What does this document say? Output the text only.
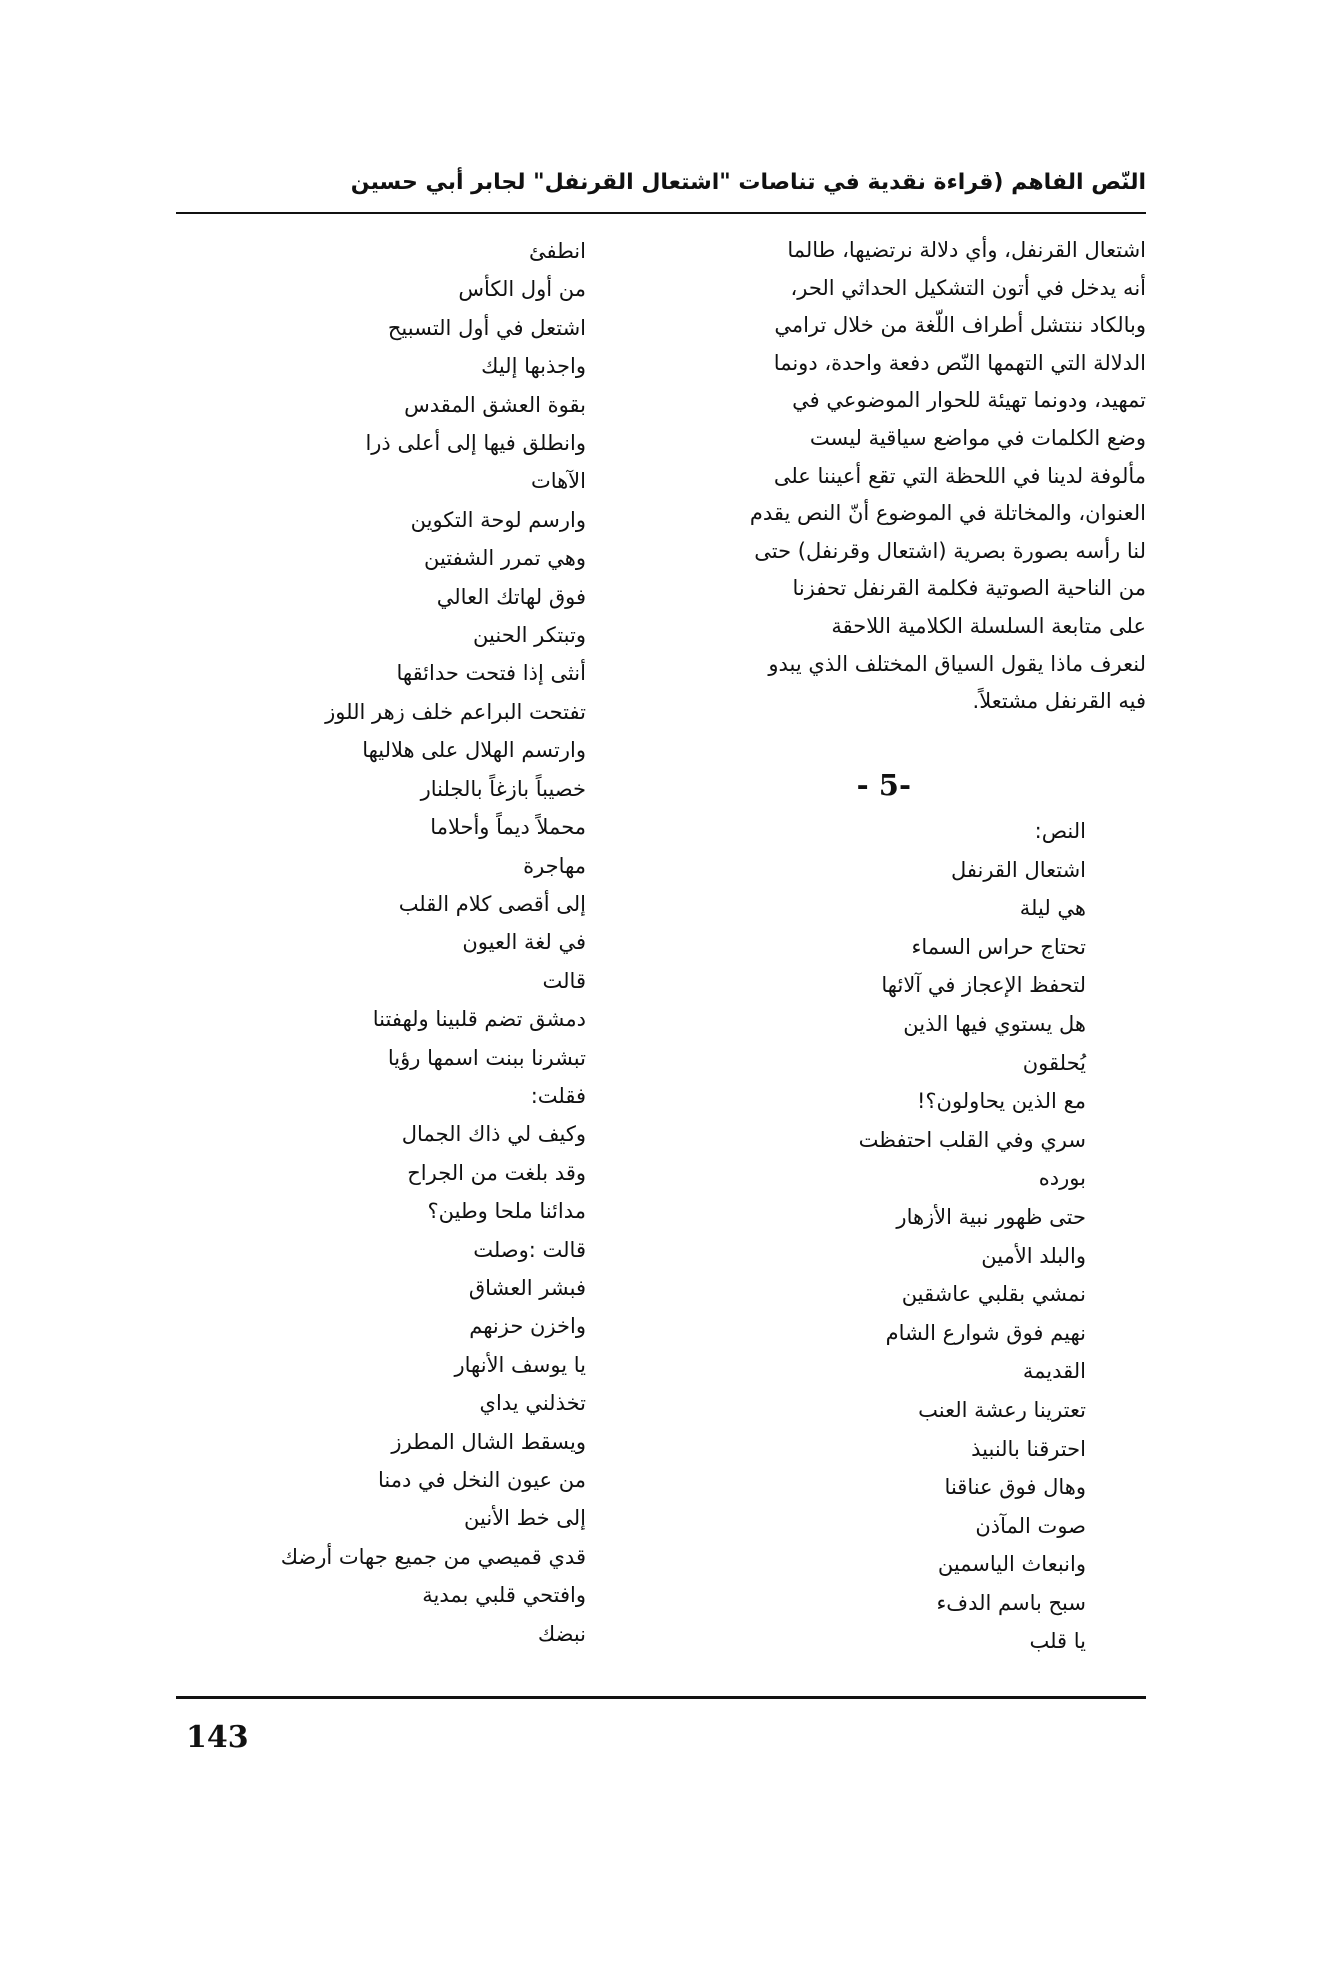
النّص الفاهم (قراءة نقدية في تناصات "اشتعال القرنفل" لجابر أبي حسين
اشتعال القرنفل، وأي دلالة نرتضيها، طالما
أنه يدخل في أتون التشكيل الحداثي الحر،
وبالكاد ننتشل أطراف اللّغة من خلال ترامي
الدلالة التي التهمها النّص دفعة واحدة، دونما
تمهيد، ودونما تهيئة للحوار الموضوعي في
وضع الكلمات في مواضع سياقية ليست
مألوفة لدينا في اللحظة التي تقع أعيننا على
العنوان، والمخاتلة في الموضوع أنّ النص يقدم
لنا رأسه بصورة بصرية (اشتعال وقرنفل) حتى
من الناحية الصوتية فكلمة القرنفل تحفزنا
على متابعة السلسلة الكلامية اللاحقة
لنعرف ماذا يقول السياق المختلف الذي يبدو
فيه القرنفل مشتعلاً.
- 5-
النص:
اشتعال القرنفل
هي ليلة
تحتاج حراس السماء
لتحفظ الإعجاز في آلائها
هل يستوي فيها الذين
يُحلقون
مع الذين يحاولون؟!
سري وفي القلب احتفظت
بورده
حتى ظهور نبية الأزهار
والبلد الأمين
نمشي بقلبي عاشقين
نهيم فوق شوارع الشام
القديمة
تعترينا رعشة العنب
احترقنا بالنبيذ
وهال فوق عناقنا
صوت المآذن
وانبعاث الياسمين
سبح باسم الدفء
يا قلب
انطفئ
من أول الكأس
اشتعل في أول التسبيح
واجذبها إليك
بقوة العشق المقدس
وانطلق فيها إلى أعلى ذرا
الآهات
وارسم لوحة التكوين
وهي تمرر الشفتين
فوق لهاتك العالي
وتبتكر الحنين
أنثى إذا فتحت حدائقها
تفتحت البراعم خلف زهر اللوز
وارتسم الهلال على هلاليها
خصيباً بازغاً بالجلنار
محملاً ديماً وأحلاما
مهاجرة
إلى أقصى كلام القلب
في لغة العيون
قالت
دمشق تضم قلبينا ولهفتنا
تبشرنا ببنت اسمها رؤيا
فقلت:
وكيف لي ذاك الجمال
وقد بلغت من الجراح
مدائنا ملحا وطين؟
قالت :وصلت
فبشر العشاق
واخزن حزنهم
يا يوسف الأنهار
تخذلني يداي
ويسقط الشال المطرز
من عيون النخل في دمنا
إلى خط الأنين
قدي قميصي من جميع جهات أرضك
وافتحي قلبي بمدية
نبضك
143
